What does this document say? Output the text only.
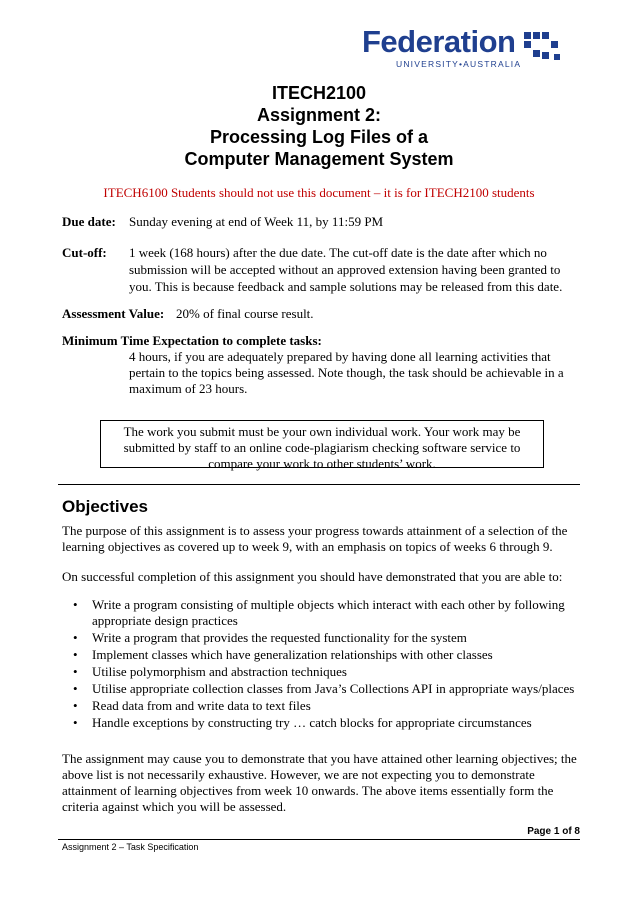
Federation
UNIVERSITY•AUSTRALIA
ITECH2100
Assignment 2:
Processing Log Files of a
Computer Management System
ITECH6100 Students should not use this document – it is for ITECH2100 students
Due date: Sunday evening at end of Week 11, by 11:59 PM
Cut-off: 1 week (168 hours) after the due date. The cut-off date is the date after which no
submission will be accepted without an approved extension having been granted to
you. This is because feedback and sample solutions may be released from this date.
Assessment Value: 20% of final course result.
Minimum Time Expectation to complete tasks:
4 hours, if you are adequately prepared by having done all learning activities that
pertain to the topics being assessed. Note though, the task should be achievable in a
maximum of 23 hours.
The work you submit must be your own individual work. Your work may be
submitted by staff to an online code-plagiarism checking software service to
compare your work to other students’ work.
Objectives
The purpose of this assignment is to assess your progress towards attainment of a selection of the
learning objectives as covered up to week 9, with an emphasis on topics of weeks 6 through 9.
On successful completion of this assignment you should have demonstrated that you are able to:
• Write a program consisting of multiple objects which interact with each other by following
appropriate design practices
• Write a program that provides the requested functionality for the system
• Implement classes which have generalization relationships with other classes
• Utilise polymorphism and abstraction techniques
• Utilise appropriate collection classes from Java’s Collections API in appropriate ways/places
• Read data from and write data to text files
• Handle exceptions by constructing try … catch blocks for appropriate circumstances
The assignment may cause you to demonstrate that you have attained other learning objectives; the
above list is not necessarily exhaustive. However, we are not expecting you to demonstrate
attainment of learning objectives from week 10 onwards. The above items essentially form the
criteria against which you will be assessed.
Page 1 of 8
Assignment 2 – Task Specification
